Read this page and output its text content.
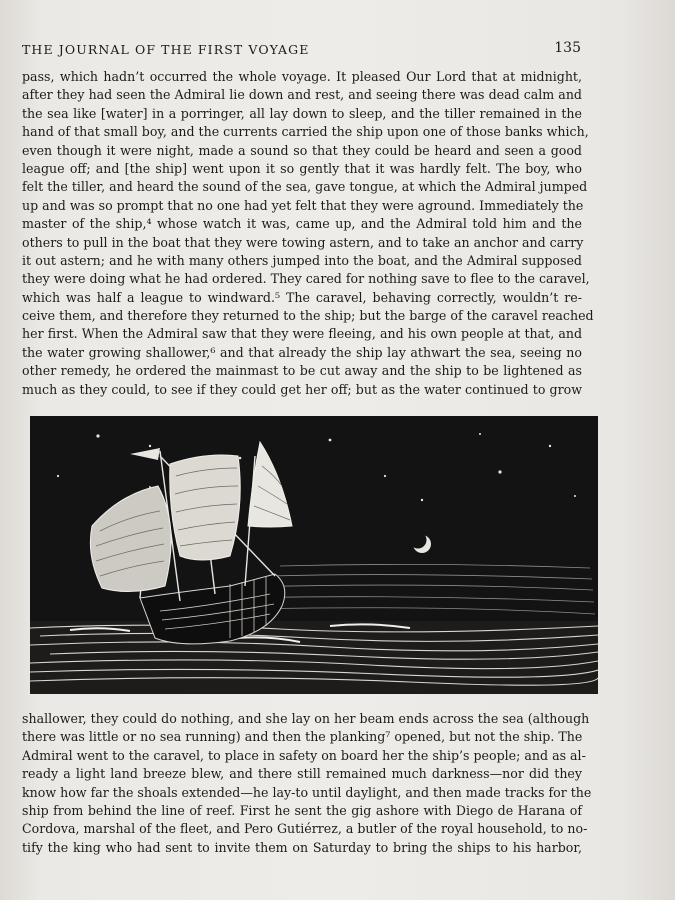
THE JOURNAL OF THE FIRST VOYAGE	135
pass, which hadn’t occurred the whole voyage. It pleased Our Lord that at midnight,
after they had seen the Admiral lie down and rest, and seeing there was dead calm and
the sea like [water] in a porringer, all lay down to sleep, and the tiller remained in the
hand of that small boy, and the currents carried the ship upon one of those banks which,
even though it were night, made a sound so that they could be heard and seen a good
league off; and [the ship] went upon it so gently that it was hardly felt. The boy, who
felt the tiller, and heard the sound of the sea, gave tongue, at which the Admiral jumped
up and was so prompt that no one had yet felt that they were aground. Immediately the
master of the ship,⁴ whose watch it was, came up, and the Admiral told him and the
others to pull in the boat that they were towing astern, and to take an anchor and carry
it out astern; and he with many others jumped into the boat, and the Admiral supposed
they were doing what he had ordered. They cared for nothing save to flee to the caravel,
which was half a league to windward.⁵ The caravel, behaving correctly, wouldn’t re-
ceive them, and therefore they returned to the ship; but the barge of the caravel reached
her first. When the Admiral saw that they were fleeing, and his own people at that, and
the water growing shallower,⁶ and that already the ship lay athwart the sea, seeing no
other remedy, he ordered the mainmast to be cut away and the ship to be lightened as
much as they could, to see if they could get her off; but as the water continued to grow
shallower, they could do nothing, and she lay on her beam ends across the sea (although
there was little or no sea running) and then the planking⁷ opened, but not the ship. The
Admiral went to the caravel, to place in safety on board her the ship’s people; and as al-
ready a light land breeze blew, and there still remained much darkness—nor did they
know how far the shoals extended—he lay-to until daylight, and then made tracks for the
ship from behind the line of reef. First he sent the gig ashore with Diego de Harana of
Cordova, marshal of the fleet, and Pero Gutiérrez, a butler of the royal household, to no-
tify the king who had sent to invite them on Saturday to bring the ships to his harbor,
